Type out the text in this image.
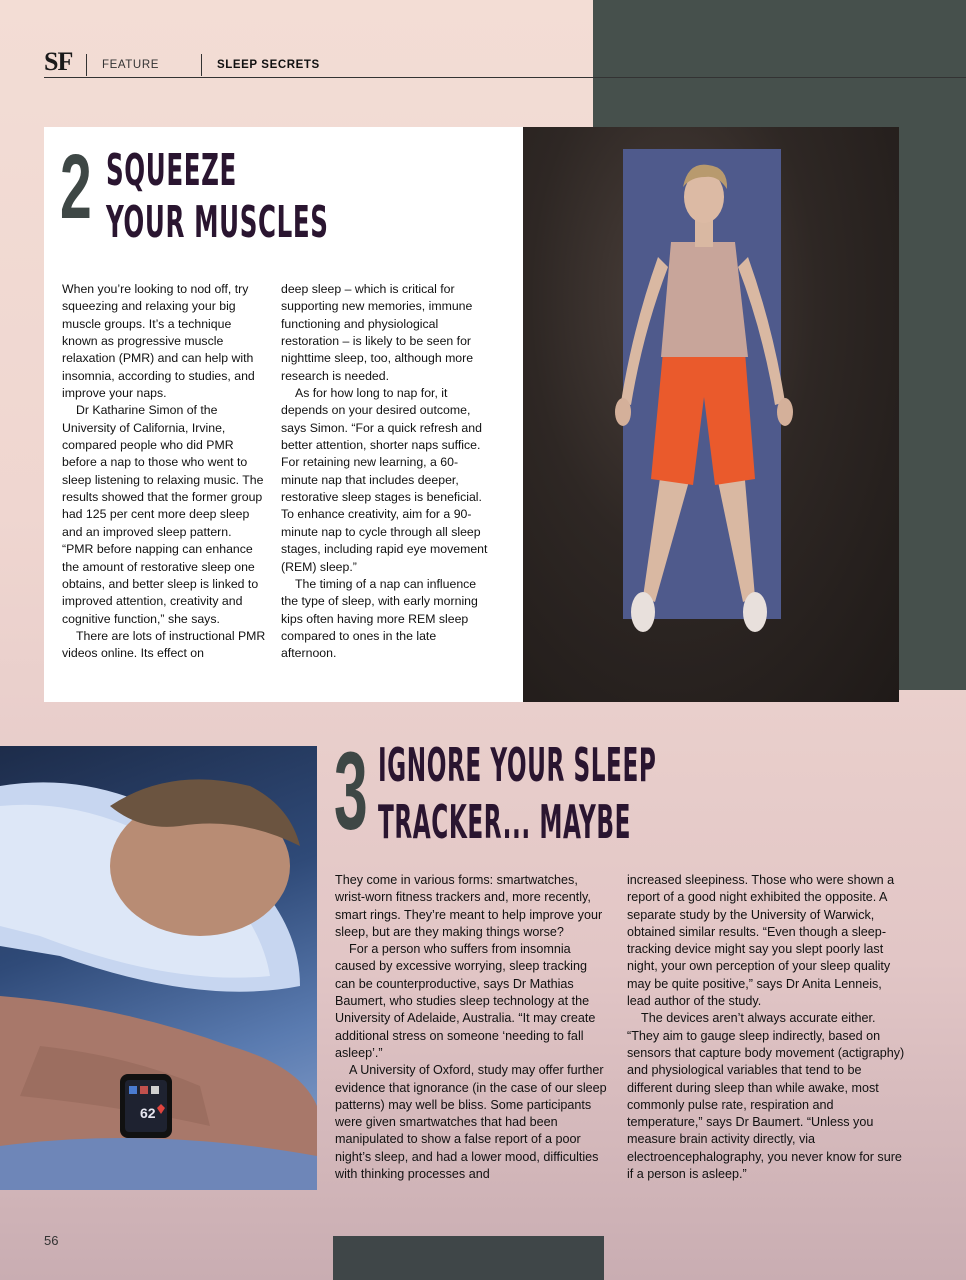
SF	FEATURE	SLEEP SECRETS
2 SQUEEZE
YOUR MUSCLES

When you’re looking to nod off, try squeezing and relaxing your big muscle groups. It’s a technique known as progressive muscle relaxation (PMR) and can help with insomnia, according to studies, and improve your naps.

Dr Katharine Simon of the University of California, Irvine, compared people who did PMR before a nap to those who went to sleep listening to relaxing music. The results showed that the former group had 125 per cent more deep sleep and an improved sleep pattern. “PMR before napping can enhance the amount of restorative sleep one obtains, and better sleep is linked to improved attention, creativity and cognitive function,” she says.

There are lots of instructional PMR videos online. Its effect on

deep sleep – which is critical for supporting new memories, immune functioning and physiological restoration – is likely to be seen for nighttime sleep, too, although more research is needed.

As for how long to nap for, it depends on your desired outcome, says Simon. “For a quick refresh and better attention, shorter naps suffice. For retaining new learning, a 60-minute nap that includes deeper, restorative sleep stages is beneficial. To enhance creativity, aim for a 90-minute nap to cycle through all sleep stages, including rapid eye movement (REM) sleep.”

The timing of a nap can influence the type of sleep, with early morning kips often having more REM sleep compared to ones in the late afternoon.

62
3 IGNORE YOUR SLEEP
TRACKER... MAYBE

They come in various forms: smartwatches, wrist-worn fitness trackers and, more recently, smart rings. They’re meant to help improve your sleep, but are they making things worse?

For a person who suffers from insomnia caused by excessive worrying, sleep tracking can be counterproductive, says Dr Mathias Baumert, who studies sleep technology at the University of Adelaide, Australia. “It may create additional stress on someone ‘needing to fall asleep’.”

A University of Oxford, study may offer further evidence that ignorance (in the case of our sleep patterns) may well be bliss. Some participants were given smartwatches that had been manipulated to show a false report of a poor night’s sleep, and had a lower mood, difficulties with thinking processes and

increased sleepiness. Those who were shown a report of a good night exhibited the opposite. A separate study by the University of Warwick, obtained similar results. “Even though a sleep-tracking device might say you slept poorly last night, your own perception of your sleep quality may be quite positive,” says Dr Anita Lenneis, lead author of the study.

The devices aren’t always accurate either. “They aim to gauge sleep indirectly, based on sensors that capture body movement (actigraphy) and physiological variables that tend to be different during sleep than while awake, most commonly pulse rate, respiration and temperature,” says Dr Baumert. “Unless you measure brain activity directly, via electroencephalography, you never know for sure if a person is asleep.”

56
